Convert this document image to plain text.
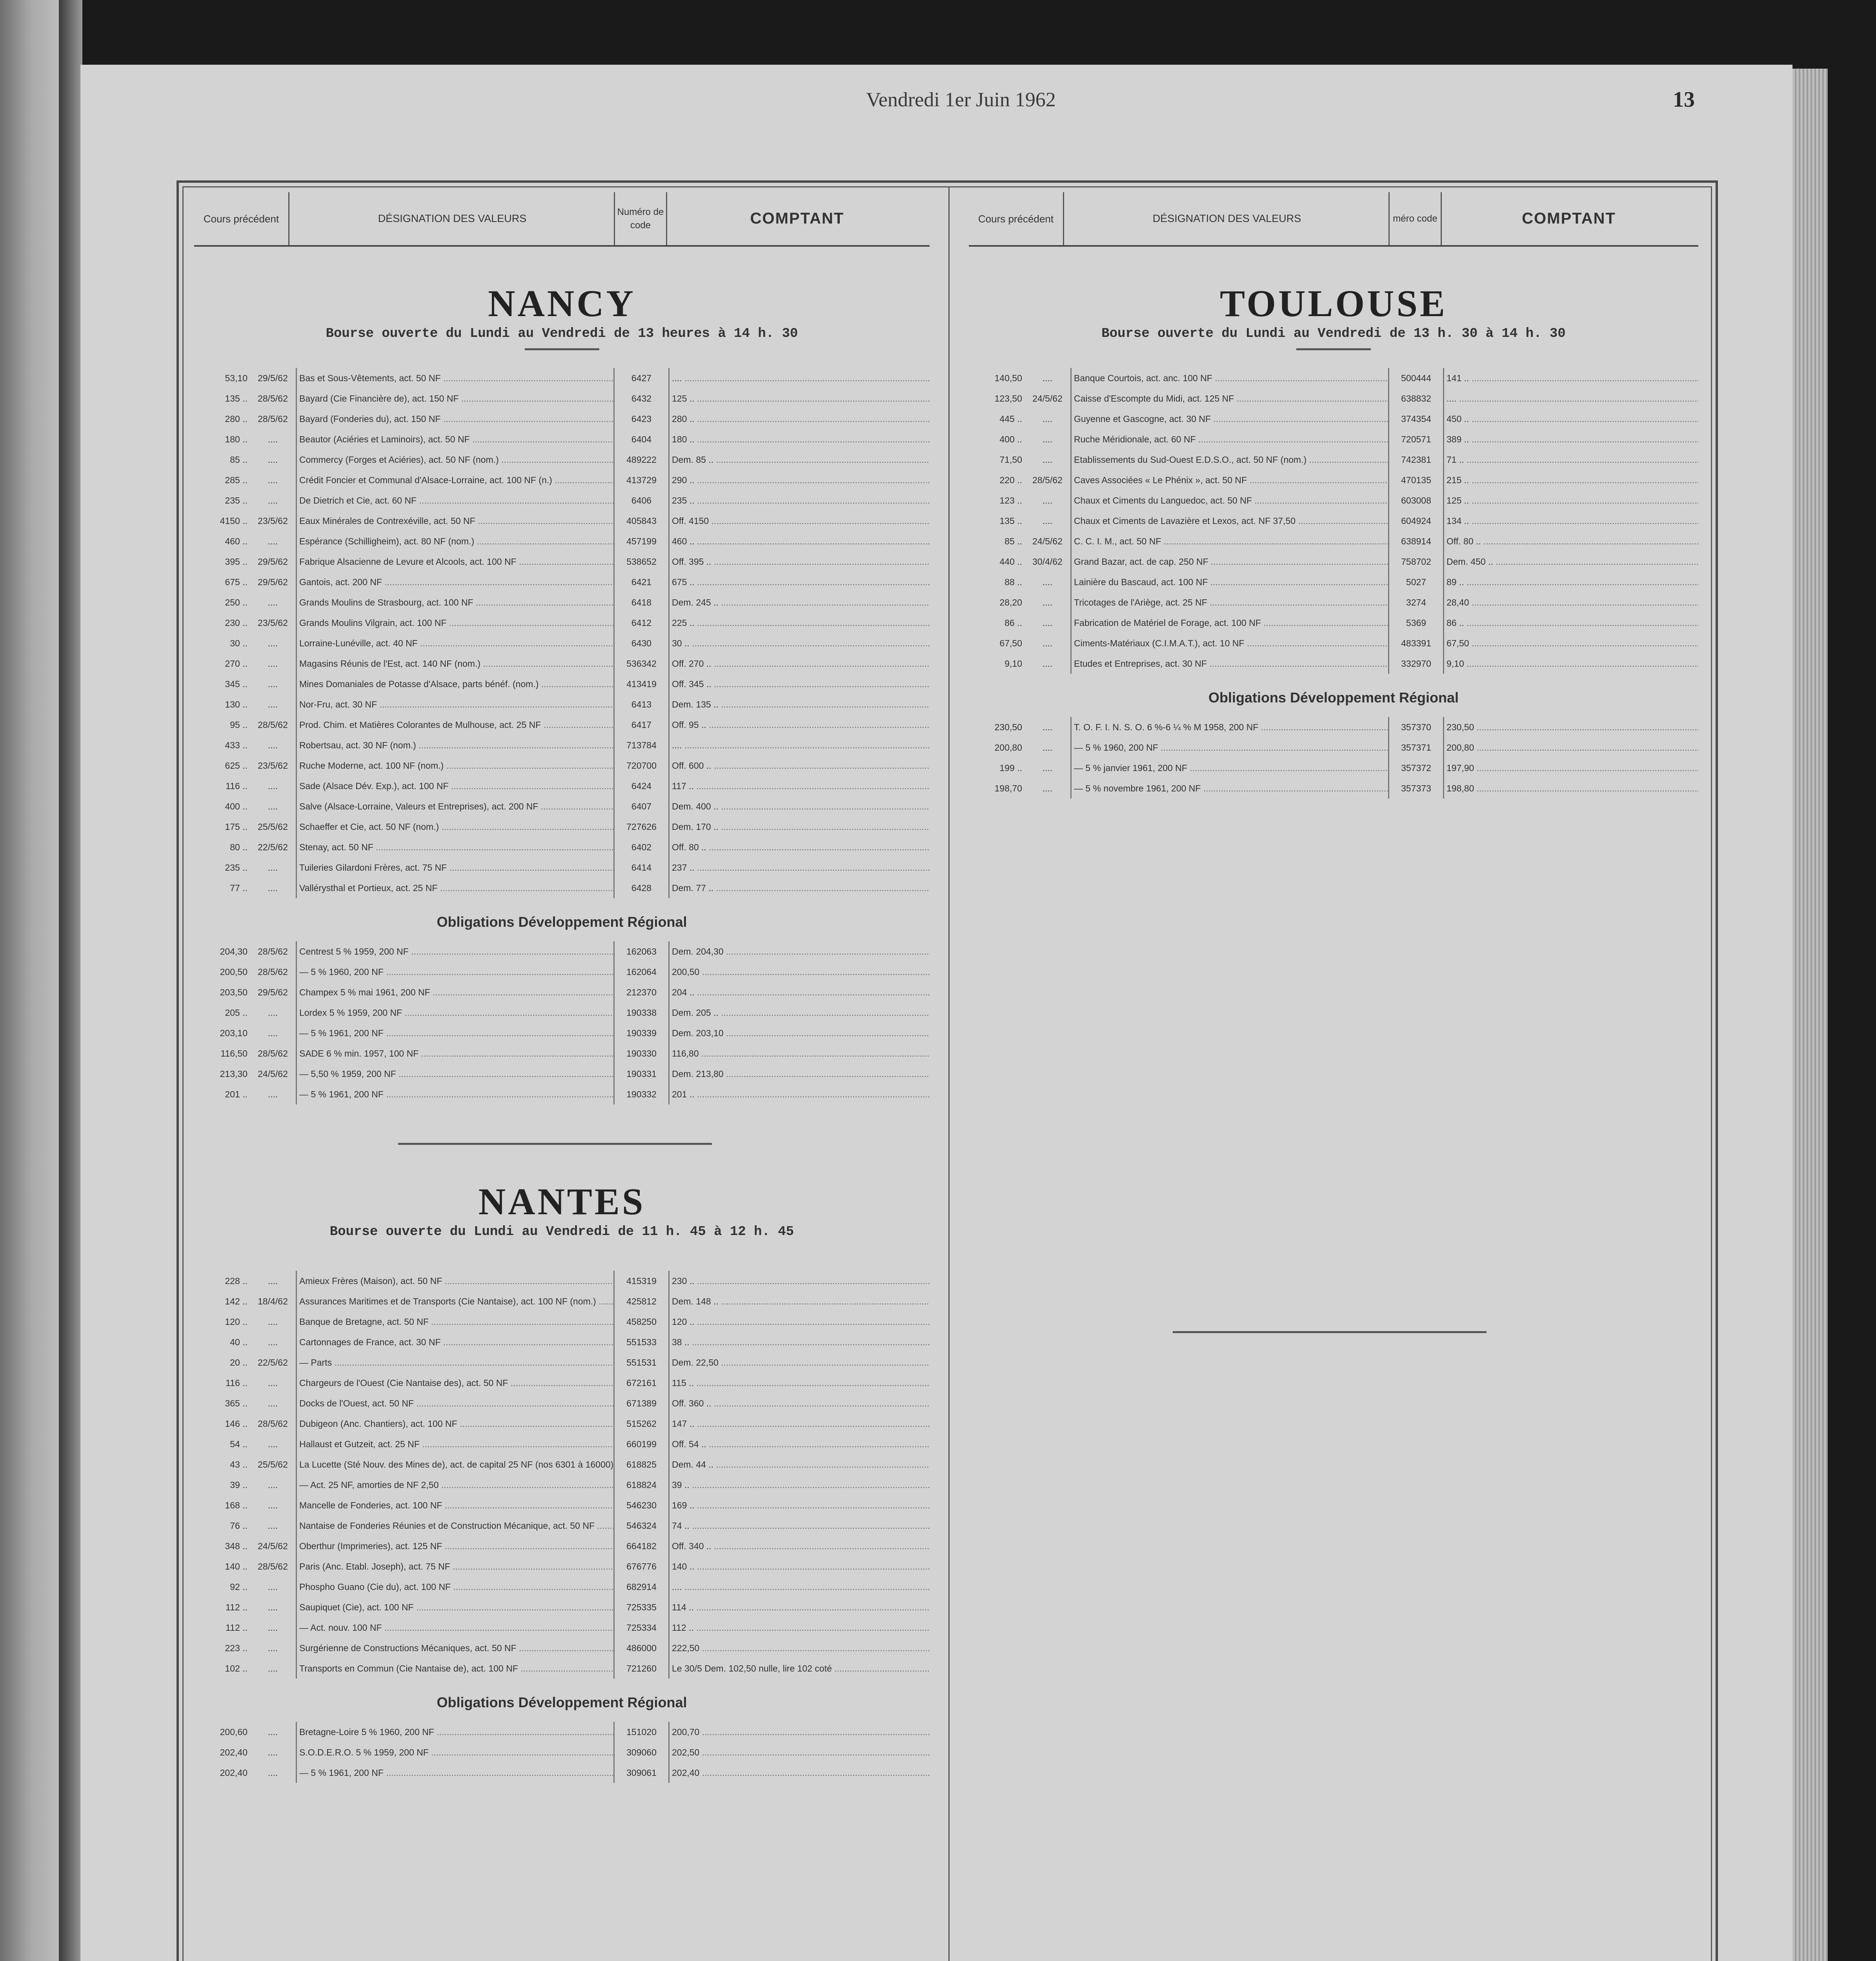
Vendredi 1er Juin 1962	13
Cours précédent	DÉSIGNATION DES VALEURS
Numéro de code	COMPTANT
NANCY

Bourse ouverte du Lundi au Vendredi de 13 heures à 14 h. 30

53,10	29/5/62	Bas et Sous-Vêtements, act. 50 NF .....	6427	.... .....
135 ..	28/5/62	Bayard (Cie Financière de), act. 150 NF .....	6432	125 .. .....
280 ..	28/5/62	Bayard (Fonderies du), act. 150 NF .....	6423	280 .. .....
180 ..	....	Beautor (Aciéries et Laminoirs), act. 50 NF .....	6404	180 .. .....
85 ..	....	Commercy (Forges et Aciéries), act. 50 NF (nom.) .....	489222	Dem. 85 .. .....
285 ..	....	Crédit Foncier et Communal d'Alsace-Lorraine, act. 100 NF (n.) .....	413729	290 .. .....
235 ..	....	De Dietrich et Cie, act. 60 NF .....	6406	235 .. .....
4150 ..	23/5/62	Eaux Minérales de Contrexéville, act. 50 NF .....	405843	Off. 4150 .....
460 ..	....	Espérance (Schilligheim), act. 80 NF (nom.) .....	457199	460 .. .....
395 ..	29/5/62	Fabrique Alsacienne de Levure et Alcools, act. 100 NF .....	538652	Off. 395 .. .....
675 ..	29/5/62	Gantois, act. 200 NF .....	6421	675 .. .....
250 ..	....	Grands Moulins de Strasbourg, act. 100 NF .....	6418	Dem. 245 .. .....
230 ..	23/5/62	Grands Moulins Vilgrain, act. 100 NF .....	6412	225 .. .....
30 ..	....	Lorraine-Lunéville, act. 40 NF .....	6430	30 .. .....
270 ..	....	Magasins Réunis de l'Est, act. 140 NF (nom.) .....	536342	Off. 270 .. .....
345 ..	....	Mines Domaniales de Potasse d'Alsace, parts bénéf. (nom.) .....	413419	Off. 345 .. .....
130 ..	....	Nor-Fru, act. 30 NF .....	6413	Dem. 135 .. .....
95 ..	28/5/62	Prod. Chim. et Matières Colorantes de Mulhouse, act. 25 NF .....	6417	Off. 95 .. .....
433 ..	....	Robertsau, act. 30 NF (nom.) .....	713784	.... .....
625 ..	23/5/62	Ruche Moderne, act. 100 NF (nom.) .....	720700	Off. 600 .. .....
116 ..	....	Sade (Alsace Dév. Exp.), act. 100 NF .....	6424	117 .. .....
400 ..	....	Salve (Alsace-Lorraine, Valeurs et Entreprises), act. 200 NF .....	6407	Dem. 400 .. .....
175 ..	25/5/62	Schaeffer et Cie, act. 50 NF (nom.) .....	727626	Dem. 170 .. .....
80 ..	22/5/62	Stenay, act. 50 NF .....	6402	Off. 80 .. .....
235 ..	....	Tuileries Gilardoni Frères, act. 75 NF .....	6414	237 .. .....
77 ..	....	Vallérysthal et Portieux, act. 25 NF .....	6428	Dem. 77 .. .....
Obligations Développement Régional
204,30	28/5/62	Centrest 5 % 1959, 200 NF .....	162063	Dem. 204,30 .....
200,50	28/5/62	— 5 % 1960, 200 NF .....	162064	200,50 .....
203,50	29/5/62	Champex 5 % mai 1961, 200 NF .....	212370	204 .. .....
205 ..	....	Lordex 5 % 1959, 200 NF .....	190338	Dem. 205 .. .....
203,10	....	— 5 % 1961, 200 NF .....	190339	Dem. 203,10 .....
116,50	28/5/62	SADE 6 % min. 1957, 100 NF .....	190330	116,80 .....
213,30	24/5/62	— 5,50 % 1959, 200 NF .....	190331	Dem. 213,80 .....
201 ..	....	— 5 % 1961, 200 NF .....	190332	201 .. .....
NANTES

Bourse ouverte du Lundi au Vendredi de 11 h. 45 à 12 h. 45

228 ..	....	Amieux Frères (Maison), act. 50 NF .....	415319	230 .. .....
142 ..	18/4/62	Assurances Maritimes et de Transports (Cie Nantaise), act. 100 NF (nom.) .....	425812	Dem. 148 .. .....
120 ..	....	Banque de Bretagne, act. 50 NF .....	458250	120 .. .....
40 ..	....	Cartonnages de France, act. 30 NF .....	551533	38 .. .....
20 ..	22/5/62	— Parts .....	551531	Dem. 22,50 .....
116 ..	....	Chargeurs de l'Ouest (Cie Nantaise des), act. 50 NF .....	672161	115 .. .....
365 ..	....	Docks de l'Ouest, act. 50 NF .....	671389	Off. 360 .. .....
146 ..	28/5/62	Dubigeon (Anc. Chantiers), act. 100 NF .....	515262	147 .. .....
54 ..	....	Hallaust et Gutzeit, act. 25 NF .....	660199	Off. 54 .. .....
43 ..	25/5/62	La Lucette (Sté Nouv. des Mines de), act. de capital 25 NF (nos 6301 à 16000) .....	618825	Dem. 44 .. .....
39 ..	....	— Act. 25 NF, amorties de NF 2,50 .....	618824	39 .. .....
168 ..	....	Mancelle de Fonderies, act. 100 NF .....	546230	169 .. .....
76 ..	....	Nantaise de Fonderies Réunies et de Construction Mécanique, act. 50 NF .....	546324	74 .. .....
348 ..	24/5/62	Oberthur (Imprimeries), act. 125 NF .....	664182	Off. 340 .. .....
140 ..	28/5/62	Paris (Anc. Etabl. Joseph), act. 75 NF .....	676776	140 .. .....
92 ..	....	Phospho Guano (Cie du), act. 100 NF .....	682914	.... .....
112 ..	....	Saupiquet (Cie), act. 100 NF .....	725335	114 .. .....
112 ..	....	— Act. nouv. 100 NF .....	725334	112 .. .....
223 ..	....	Surgérienne de Constructions Mécaniques, act. 50 NF .....	486000	222,50 .....
102 ..	....	Transports en Commun (Cie Nantaise de), act. 100 NF .....	721260	Le 30/5 Dem. 102,50 nulle, lire 102 coté .....
Obligations Développement Régional
200,60	....	Bretagne-Loire 5 % 1960, 200 NF .....	151020	200,70 .....
202,40	....	S.O.D.E.R.O. 5 % 1959, 200 NF .....	309060	202,50 .....
202,40	....	— 5 % 1961, 200 NF .....	309061	202,40 .....
Cours précédent	DÉSIGNATION DES VALEURS	méro code	COMPTANT
TOULOUSE

Bourse ouverte du Lundi au Vendredi de 13 h. 30 à 14 h. 30

140,50	....	Banque Courtois, act. anc. 100 NF .....	500444	141 .. .....
123,50	24/5/62	Caisse d'Escompte du Midi, act. 125 NF .....	638832	.... .....
445 ..	....	Guyenne et Gascogne, act. 30 NF .....	374354	450 .. .....
400 ..	....	Ruche Méridionale, act. 60 NF .....	720571	389 .. .....
71,50	....	Etablissements du Sud-Ouest E.D.S.O., act. 50 NF (nom.) .....	742381	71 .. .....
220 ..	28/5/62	Caves Associées « Le Phénix », act. 50 NF .....	470135	215 .. .....
123 ..	....	Chaux et Ciments du Languedoc, act. 50 NF .....	603008	125 .. .....
135 ..	....	Chaux et Ciments de Lavazière et Lexos, act. NF 37,50 .....	604924	134 .. .....
85 ..	24/5/62	C. C. I. M., act. 50 NF .....	638914	Off. 80 .. .....
440 ..	30/4/62	Grand Bazar, act. de cap. 250 NF .....	758702	Dem. 450 .. .....
88 ..	....	Lainière du Bascaud, act. 100 NF .....	5027	89 .. .....
28,20	....	Tricotages de l'Ariège, act. 25 NF .....	3274	28,40 .....
86 ..	....	Fabrication de Matériel de Forage, act. 100 NF .....	5369	86 .. .....
67,50	....	Ciments-Matériaux (C.I.M.A.T.), act. 10 NF .....	483391	67,50 .....
9,10	....	Etudes et Entreprises, act. 30 NF .....	332970	9,10 .....
Obligations Développement Régional
230,50	....	T. O. F. I. N. S. O. 6 %-6 ¼ % M 1958, 200 NF .....	357370	230,50 .....
200,80	....	— 5 % 1960, 200 NF .....	357371	200,80 .....
199 ..	....	— 5 % janvier 1961, 200 NF .....	357372	197,90 .....
198,70	....	— 5 % novembre 1961, 200 NF .....	357373	198,80 .....
